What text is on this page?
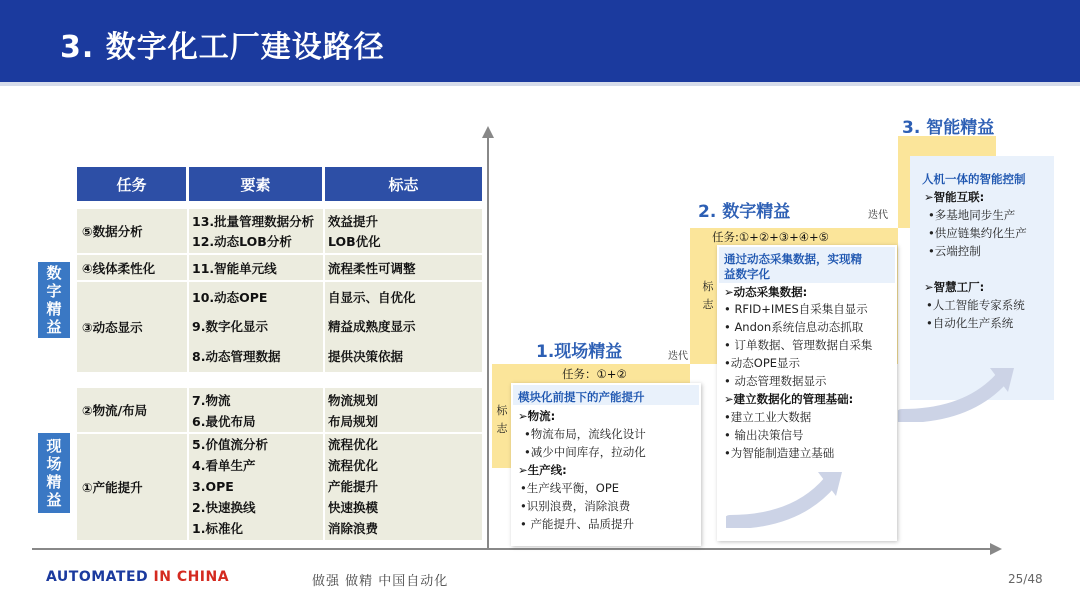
3. 数字化工厂建设路径
任务	要素	标志
数
字
精
益
现
场
精
益
⑤数据分析
13.批量管理数据分析 效益提升
12.动态LOB分析	LOB优化
④线体柔性化	11.智能单元线	流程柔性可调整
③动态显示
10.动态OPE	自显示、自优化
9.数字化显示	精益成熟度显示
8.动态管理数据	提供决策依据
②物流/布局
7.物流	物流规划
6.最优布局	布局规划
①产能提升
5.价值流分析	流程优化
4.看单生产	流程优化
3.OPE	产能提升
2.快速换线	快速换模
1.标准化	消除浪费
3. 智能精益
人机一体的智能控制
➢智能互联:
•多基地同步生产
•供应链集约化生产
•云端控制
➢智慧工厂:
•人工智能专家系统
•自动化生产系统
2. 数字精益	迭代
任务:①+②+③+④+⑤
标
志
通过动态采集数据，实现精
益数字化
➢动态采集数据:
• RFID+IMES自采集自显示
• Andon系统信息动态抓取
• 订单数据、管理数据自采集
•动态OPE显示
• 动态管理数据显示
➢建立数据化的管理基础:
•建立工业大数据
• 输出决策信号
•为智能制造建立基础
1.现场精益	迭代
任务：①+②
标
志
模块化前提下的产能提升
➢物流:
•物流布局，流线化设计
•减少中间库存，拉动化
➢生产线:
•生产线平衡，OPE
•识别浪费，消除浪费
• 产能提升、品质提升
AUTOMATED IN CHINA	做强 做精 中国自动化	25/48
